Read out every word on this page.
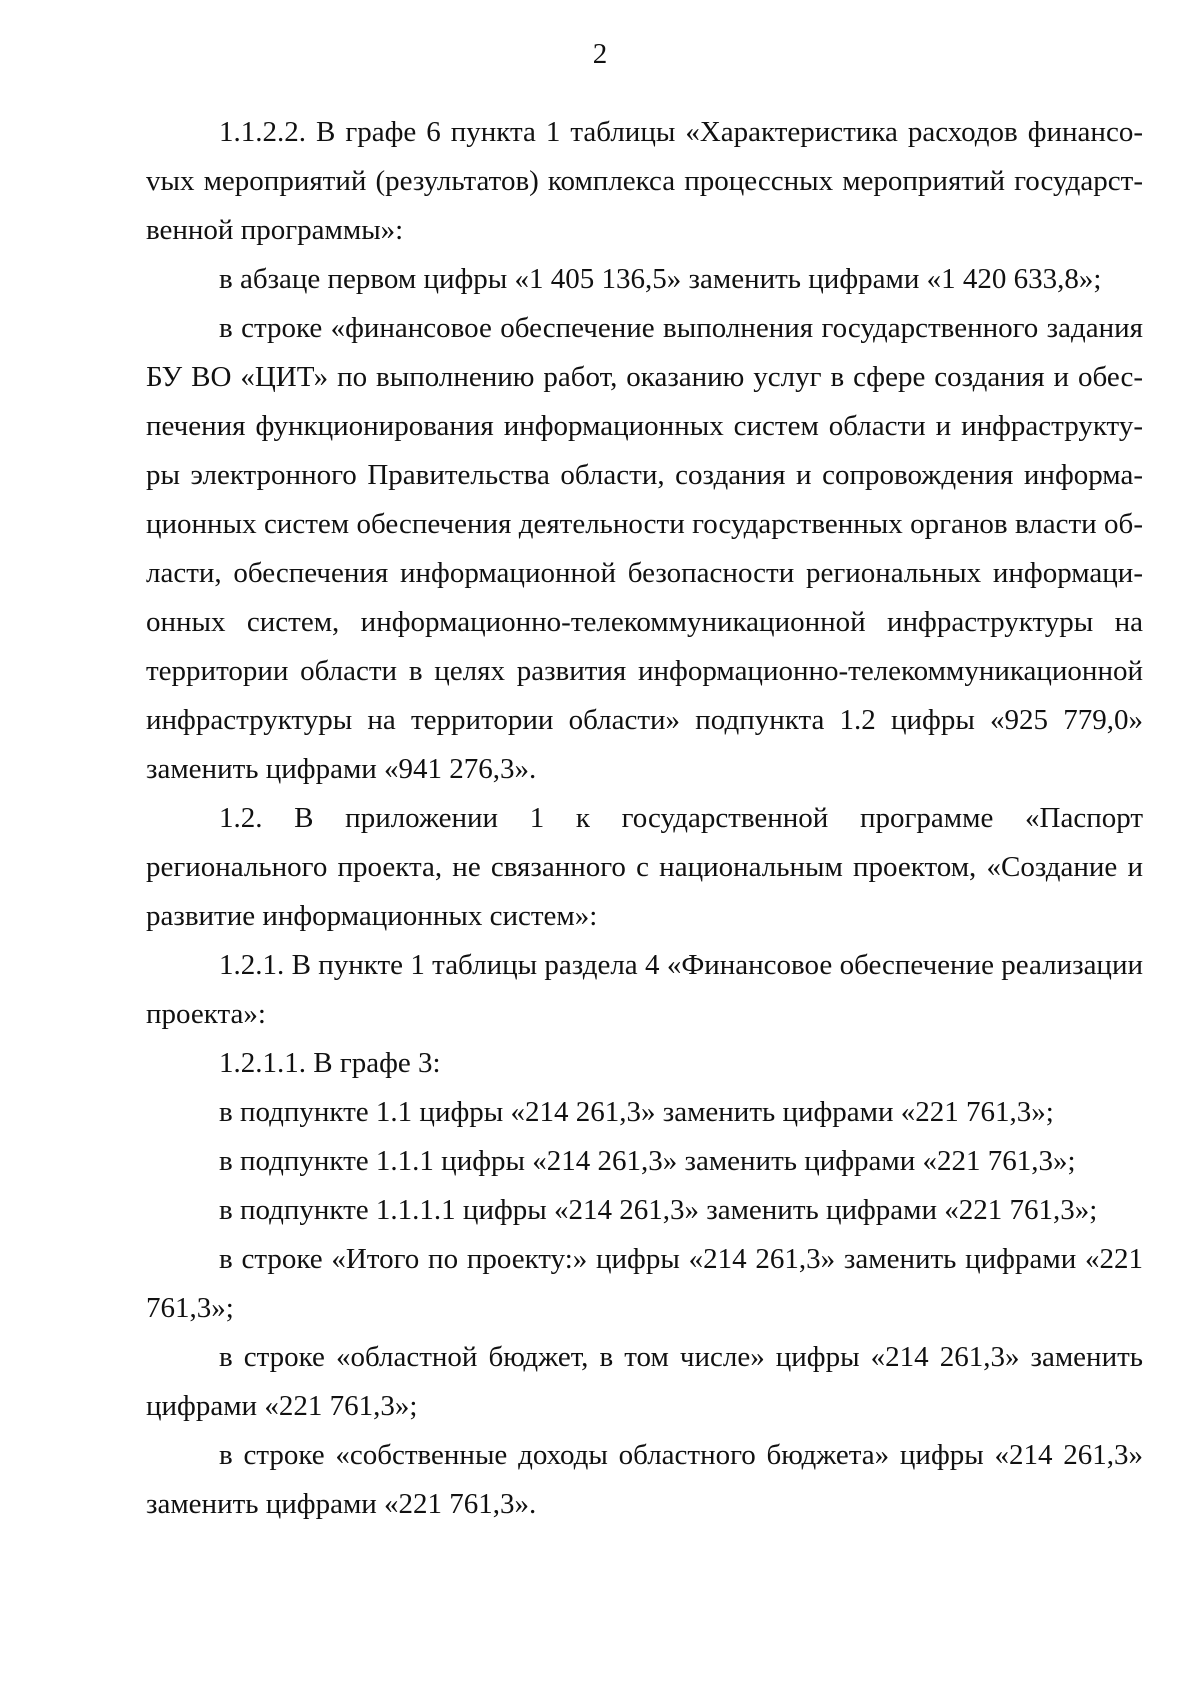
2

1.1.2.2. В графе 6 пункта 1 таблицы «Характеристика расходов финансоvых мероприятий (результатов) комплекса процессных мероприятий государственной программы»:

в абзаце первом цифры «1 405 136,5» заменить цифрами «1 420 633,8»;

в строке «финансовое обеспечение выполнения государственного задания БУ ВО «ЦИТ» по выполнению работ, оказанию услуг в сфере создания и обеспечения функционирования информационных систем области и инфраструктуры электронного Правительства области, создания и сопровождения информационных систем обеспечения деятельности государственных органов власти области, обеспечения информационной безопасности региональных информационных систем, информационно-телекоммуникационной инфраструктуры на территории области в целях развития информационно-телекоммуникационной инфраструктуры на территории области» подпункта 1.2 цифры «925 779,0» заменить цифрами «941 276,3».

1.2. В приложении 1 к государственной программе «Паспорт регионального проекта, не связанного с национальным проектом, «Создание и развитие информационных систем»:

1.2.1. В пункте 1 таблицы раздела 4 «Финансовое обеспечение реализации проекта»:

1.2.1.1. В графе 3:

в подпункте 1.1 цифры «214 261,3» заменить цифрами «221 761,3»;

в подпункте 1.1.1 цифры «214 261,3» заменить цифрами «221 761,3»;

в подпункте 1.1.1.1 цифры «214 261,3» заменить цифрами «221 761,3»;

в строке «Итого по проекту:» цифры «214 261,3» заменить цифрами «221 761,3»;

в строке «областной бюджет, в том числе» цифры «214 261,3» заменить цифрами «221 761,3»;

в строке «собственные доходы областного бюджета» цифры «214 261,3» заменить цифрами «221 761,3».
